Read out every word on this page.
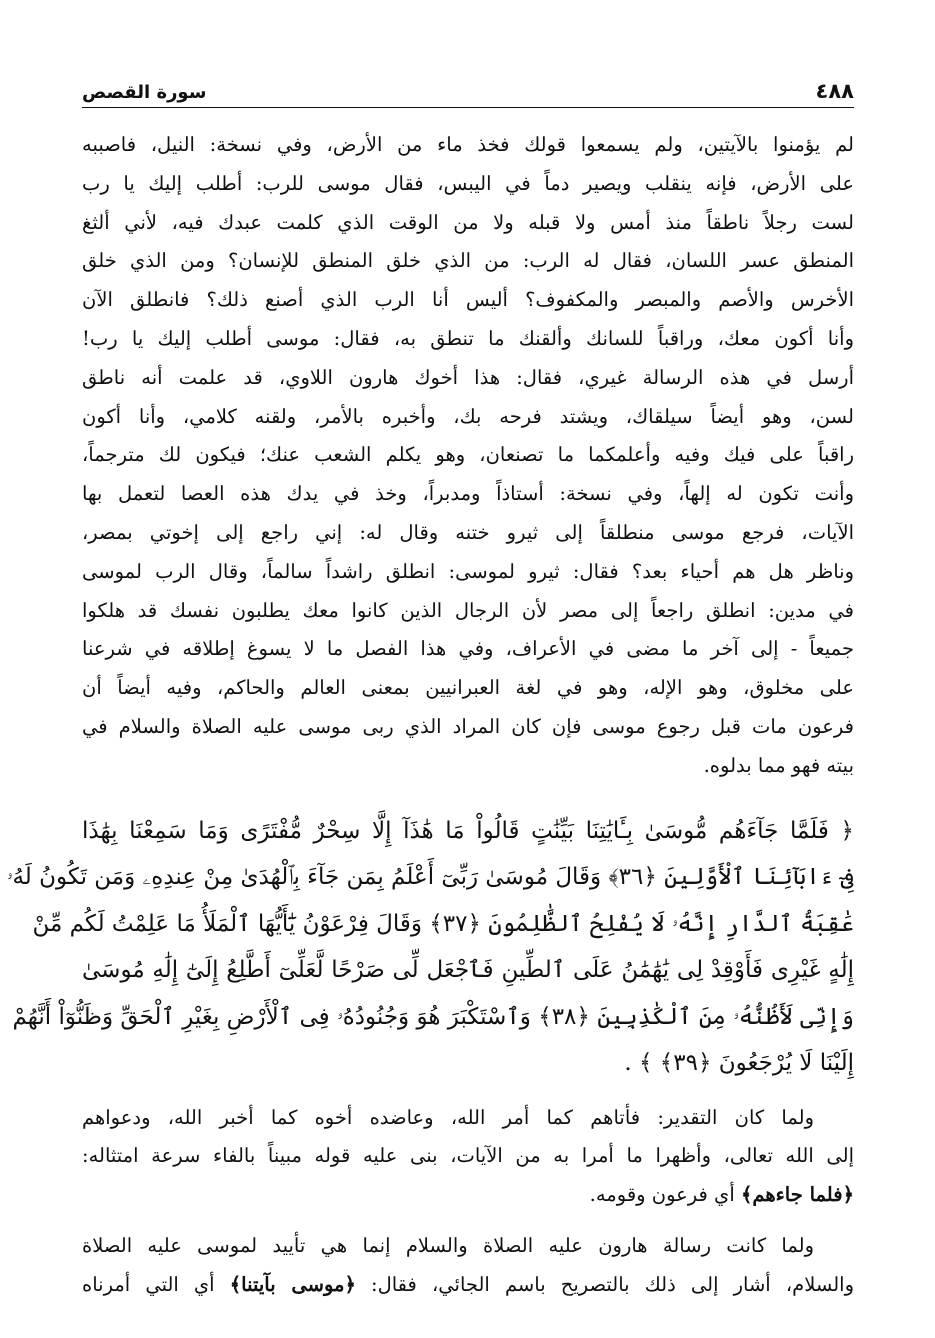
٤٨٨
سورة القصص
لم يؤمنوا بالآيتين، ولم يسمعوا قولك فخذ ماء من الأرض، وفي نسخة: النيل، فاصببه
على الأرض، فإنه ينقلب ويصير دماً في اليبس، فقال موسى للرب: أطلب إليك يا رب
لست رجلاً ناطقاً منذ أمس ولا قبله ولا من الوقت الذي كلمت عبدك فيه، لأني ألثغ
المنطق عسر اللسان، فقال له الرب: من الذي خلق المنطق للإنسان؟ ومن الذي خلق
الأخرس والأصم والمبصر والمكفوف؟ أليس أنا الرب الذي أصنع ذلك؟ فانطلق الآن
وأنا أكون معك، وراقباً للسانك وألقنك ما تنطق به، فقال: موسى أطلب إليك يا رب!
أرسل في هذه الرسالة غيري، فقال: هذا أخوك هارون اللاوي، قد علمت أنه ناطق
لسن، وهو أيضاً سيلقاك، ويشتد فرحه بك، وأخبره بالأمر، ولقنه كلامي، وأنا أكون
راقباً على فيك وفيه وأعلمكما ما تصنعان، وهو يكلم الشعب عنك؛ فيكون لك مترجماً،
وأنت تكون له إلهاً، وفي نسخة: أستاذاً ومدبراً، وخذ في يدك هذه العصا لتعمل بها
الآيات، فرجع موسى منطلقاً إلى ثيرو ختنه وقال له: إني راجع إلى إخوتي بمصر،
وناظر هل هم أحياء بعد؟ فقال: ثيرو لموسى: انطلق راشداً سالماً، وقال الرب لموسى
في مدين: انطلق راجعاً إلى مصر لأن الرجال الذين كانوا معك يطلبون نفسك قد هلكوا
جميعاً - إلى آخر ما مضى في الأعراف، وفي هذا الفصل ما لا يسوغ إطلاقه في شرعنا
على مخلوق، وهو الإله، وهو في لغة العبرانيين بمعنى العالم والحاكم، وفيه أيضاً أن
فرعون مات قبل رجوع موسى فإن كان المراد الذي ربى موسى عليه الصلاة والسلام في
بيته فهو مما بدلوه.
﴿ فَلَمَّا جَآءَهُم مُّوسَىٰ بِـَٔايَٰتِنَا بَيِّنَٰتٍ قَالُواْ مَا هَٰذَآ إِلَّا سِحْرٌ مُّفْتَرًى وَمَا سَمِعْنَا بِهَٰذَا
فِىٓ ءَابَآئِنَا ٱلْأَوَّلِينَ ﴿٣٦﴾ وَقَالَ مُوسَىٰ رَبِّىٓ أَعْلَمُ بِمَن جَآءَ بِٱلْهُدَىٰ مِنْ عِندِهِۦ وَمَن تَكُونُ لَهُۥ
عَٰقِبَةُ ٱلدَّارِ إِنَّهُۥ لَا يُفْلِحُ ٱلظَّٰلِمُونَ ﴿٣٧﴾ وَقَالَ فِرْعَوْنُ يَٰٓأَيُّهَا ٱلْمَلَأُ مَا عَلِمْتُ لَكُم مِّنْ
إِلَٰهٍ غَيْرِى فَأَوْقِدْ لِى يَٰهَٰمَٰنُ عَلَى ٱلطِّينِ فَٱجْعَل لِّى صَرْحًا لَّعَلِّىٓ أَطَّلِعُ إِلَىٰٓ إِلَٰهِ مُوسَىٰ
وَإِنِّى لَأَظُنُّهُۥ مِنَ ٱلْكَٰذِبِينَ ﴿٣٨﴾ وَٱسْتَكْبَرَ هُوَ وَجُنُودُهُۥ فِى ٱلْأَرْضِ بِغَيْرِ ٱلْحَقِّ وَظَنُّوٓاْ أَنَّهُمْ
إِلَيْنَا لَا يُرْجَعُونَ ﴿٣٩﴾ ﴾ .
ولما كان التقدير: فأتاهم كما أمر الله، وعاضده أخوه كما أخبر الله، ودعواهم
إلى الله تعالى، وأظهرا ما أمرا به من الآيات، بنى عليه قوله مبيناً بالفاء سرعة امتثاله:
﴿فلما جاءهم﴾ أي فرعون وقومه.
ولما كانت رسالة هارون عليه الصلاة والسلام إنما هي تأييد لموسى عليه الصلاة
والسلام، أشار إلى ذلك بالتصريح باسم الجائي، فقال: ﴿موسى بآيتنا﴾ أي التي أمرناه
